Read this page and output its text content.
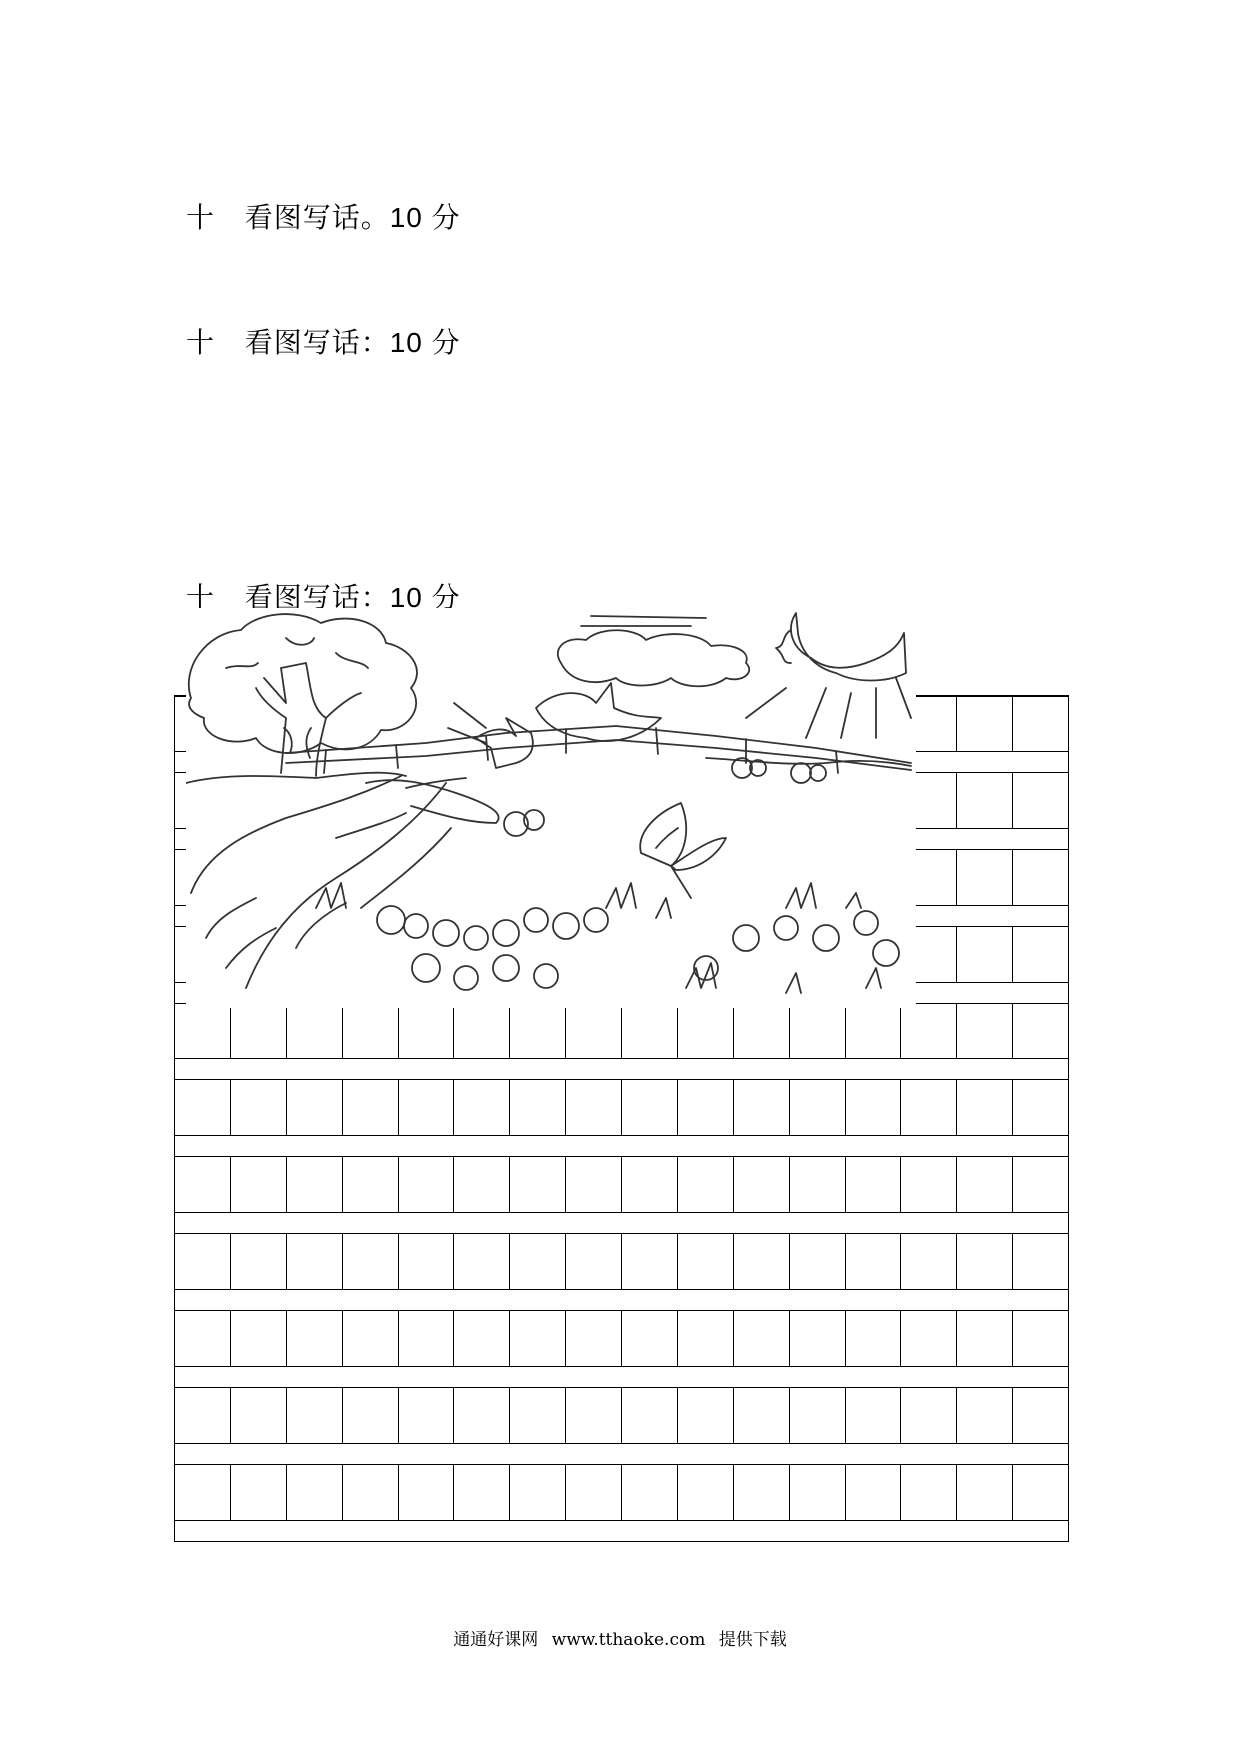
十 看图写话。10 分
十 看图写话：10 分
十 看图写话：10 分
通通好课网 www.tthaoke.com 提供下载
